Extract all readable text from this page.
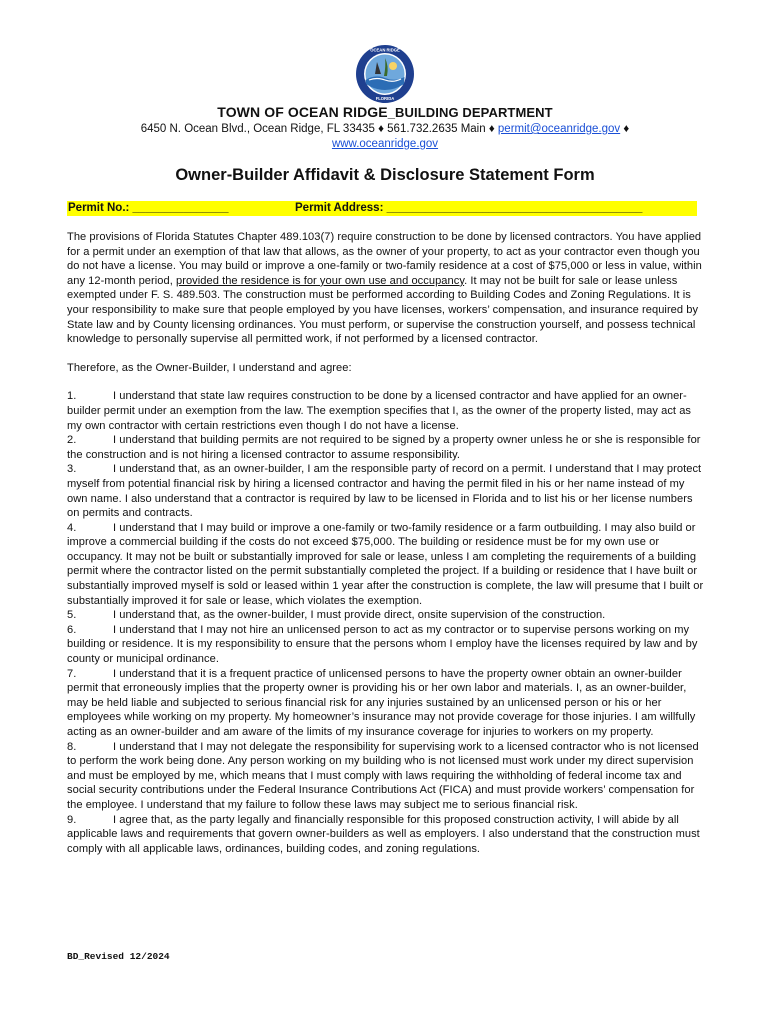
OCEAN RIDGE
FLORIDA
TOWN OF OCEAN RIDGE_BUILDING DEPARTMENT
6450 N. Ocean Blvd., Ocean Ridge, FL 33435 ♦ 561.732.2635 Main ♦ permit@oceanridge.gov ♦
www.oceanridge.gov
Owner-Builder Affidavit & Disclosure Statement Form
Permit No.: _______________	Permit Address: ________________________________________

The provisions of Florida Statutes Chapter 489.103(7) require construction to be done by licensed contractors. You have applied for a permit under an exemption of that law that allows, as the owner of your property, to act as your contractor even though you do not have a license. You may build or improve a one-family or two-family residence at a cost of $75,000 or less in value, within any 12-month period, provided the residence is for your own use and occupancy. It may not be built for sale or lease unless exempted under F. S. 489.503. The construction must be performed according to Building Codes and Zoning Regulations. It is your responsibility to make sure that people employed by you have licenses, workers’ compensation, and insurance required by State law and by County licensing ordinances. You must perform, or supervise the construction yourself, and possess technical knowledge to personally supervise all permitted work, if not performed by a licensed contractor.

Therefore, as the Owner-Builder, I understand and agree:

1.	I understand that state law requires construction to be done by a licensed contractor and have applied for an owner-builder permit under an exemption from the law. The exemption specifies that I, as the owner of the property listed, may act as my own contractor with certain restrictions even though I do not have a license.
2.	I understand that building permits are not required to be signed by a property owner unless he or she is responsible for the construction and is not hiring a licensed contractor to assume responsibility.
3.	I understand that, as an owner-builder, I am the responsible party of record on a permit. I understand that I may protect myself from potential financial risk by hiring a licensed contractor and having the permit filed in his or her name instead of my own name. I also understand that a contractor is required by law to be licensed in Florida and to list his or her license numbers on permits and contracts.
4.	I understand that I may build or improve a one-family or two-family residence or a farm outbuilding. I may also build or improve a commercial building if the costs do not exceed $75,000. The building or residence must be for my own use or occupancy. It may not be built or substantially improved for sale or lease, unless I am completing the requirements of a building permit where the contractor listed on the permit substantially completed the project. If a building or residence that I have built or substantially improved myself is sold or leased within 1 year after the construction is complete, the law will presume that I built or substantially improved it for sale or lease, which violates the exemption.
5.	I understand that, as the owner-builder, I must provide direct, onsite supervision of the construction.
6.	I understand that I may not hire an unlicensed person to act as my contractor or to supervise persons working on my building or residence. It is my responsibility to ensure that the persons whom I employ have the licenses required by law and by county or municipal ordinance.
7.	I understand that it is a frequent practice of unlicensed persons to have the property owner obtain an owner-builder permit that erroneously implies that the property owner is providing his or her own labor and materials. I, as an owner-builder, may be held liable and subjected to serious financial risk for any injuries sustained by an unlicensed person or his or her employees while working on my property. My homeowner’s insurance may not provide coverage for those injuries. I am willfully acting as an owner-builder and am aware of the limits of my insurance coverage for injuries to workers on my property.
8.	I understand that I may not delegate the responsibility for supervising work to a licensed contractor who is not licensed to perform the work being done. Any person working on my building who is not licensed must work under my direct supervision and must be employed by me, which means that I must comply with laws requiring the withholding of federal income tax and social security contributions under the Federal Insurance Contributions Act (FICA) and must provide workers’ compensation for the employee. I understand that my failure to follow these laws may subject me to serious financial risk.
9.	I agree that, as the party legally and financially responsible for this proposed construction activity, I will abide by all applicable laws and requirements that govern owner-builders as well as employers. I also understand that the construction must comply with all applicable laws, ordinances, building codes, and zoning regulations.
BD_Revised 12/2024
